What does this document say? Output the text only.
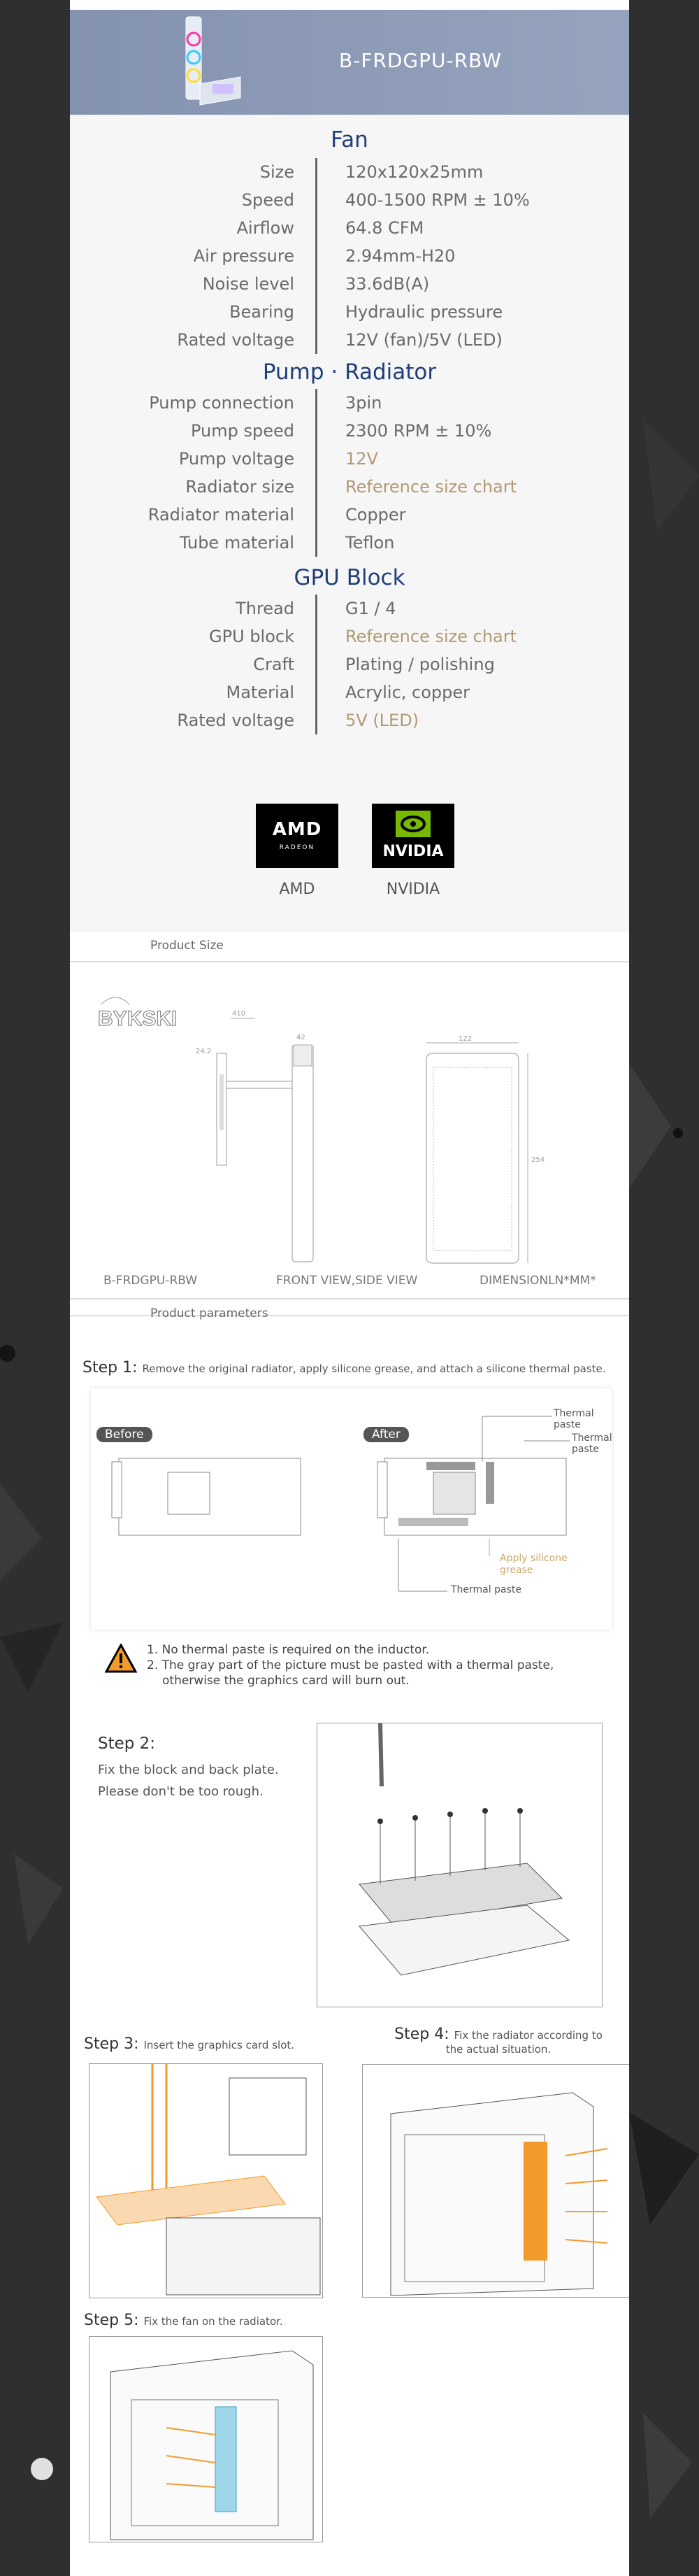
B-FRDGPU-RBW
Fan
Size	120x120x25mm
Speed	400-1500 RPM ± 10%
Airflow	64.8 CFM
Air pressure	2.94mm-H20
Noise level	33.6dB(A)
Bearing	Hydraulic pressure
Rated voltage	12V (fan)/5V (LED)
Pump · Radiator
Pump connection	3pin
Pump speed	2300 RPM ± 10%
Pump voltage	12V
Radiator size	Reference size chart
Radiator material	Copper
Tube material	Teflon
GPU Block
Thread	G1 / 4
GPU block	Reference size chart
Craft	Plating / polishing
Material	Acrylic, copper
Rated voltage	5V (LED)
AMD
RADEON	NVIDIA
AMD	NVIDIA
Product Size
BYKSKI	410
24.2
42	122
254
B-FRDGPU-RBW	FRONT VIEW,SIDE VIEW	DIMENSIONLN*MM*
Product parameters
Step 1: Remove the original radiator, apply silicone grease, and attach a silicone thermal paste.
Before	After
Thermal paste
Thermal paste
Apply silicone
grease
Thermal paste
1. No thermal paste is required on the inductor.
2. The gray part of the picture must be pasted with a thermal paste,
otherwise the graphics card will burn out.
Step 2:
Fix the block and back plate.
Please don't be too rough.
Step 3: Insert the graphics card slot.
Step 4: Fix the radiator according to
the actual situation.
Step 5: Fix the fan on the radiator.
